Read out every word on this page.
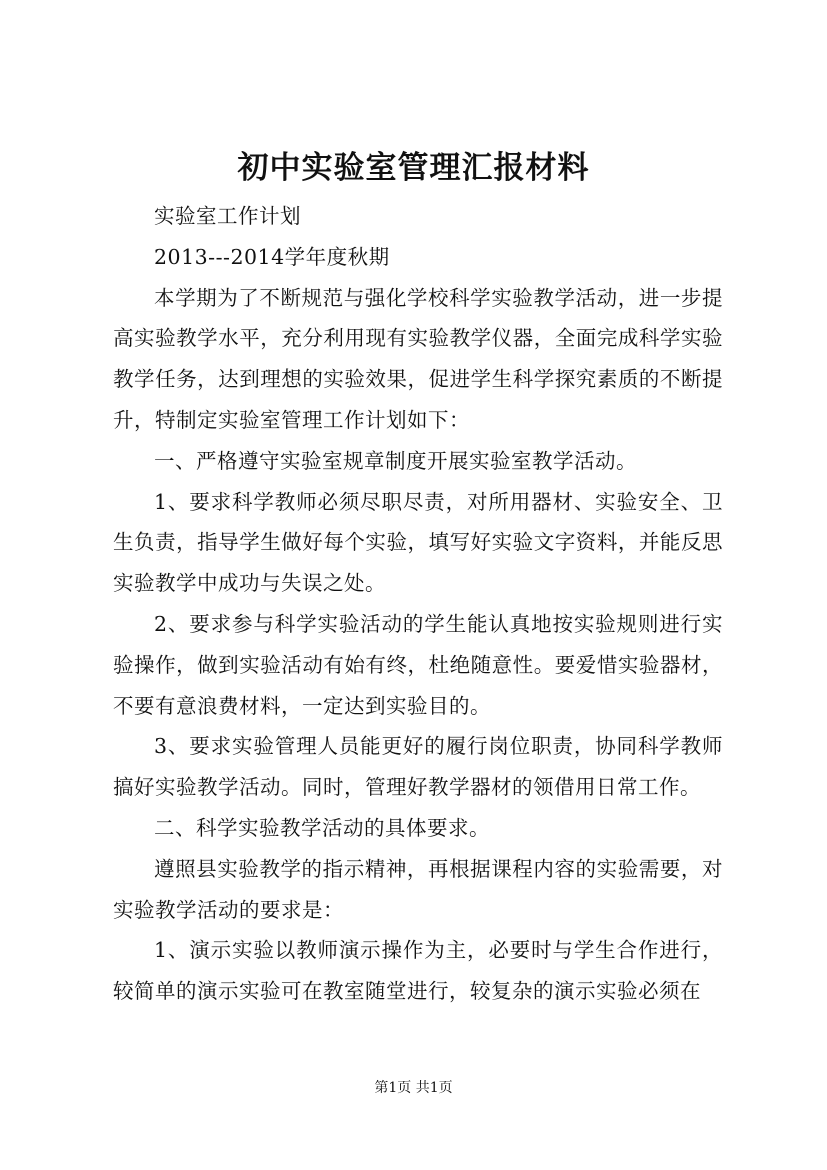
初中实验室管理汇报材料

实验室工作计划

2013---2014学年度秋期

本学期为了不断规范与强化学校科学实验教学活动，进一步提高实验教学水平，充分利用现有实验教学仪器，全面完成科学实验教学任务，达到理想的实验效果，促进学生科学探究素质的不断提升，特制定实验室管理工作计划如下：

一、严格遵守实验室规章制度开展实验室教学活动。

1、要求科学教师必须尽职尽责，对所用器材、实验安全、卫生负责，指导学生做好每个实验，填写好实验文字资料，并能反思实验教学中成功与失误之处。

2、要求参与科学实验活动的学生能认真地按实验规则进行实验操作，做到实验活动有始有终，杜绝随意性。要爱惜实验器材，不要有意浪费材料，一定达到实验目的。

3、要求实验管理人员能更好的履行岗位职责，协同科学教师搞好实验教学活动。同时，管理好教学器材的领借用日常工作。

二、科学实验教学活动的具体要求。

遵照县实验教学的指示精神，再根据课程内容的实验需要，对实验教学活动的要求是：

1、演示实验以教师演示操作为主，必要时与学生合作进行，较简单的演示实验可在教室随堂进行，较复杂的演示实验必须在

第1页 共1页
